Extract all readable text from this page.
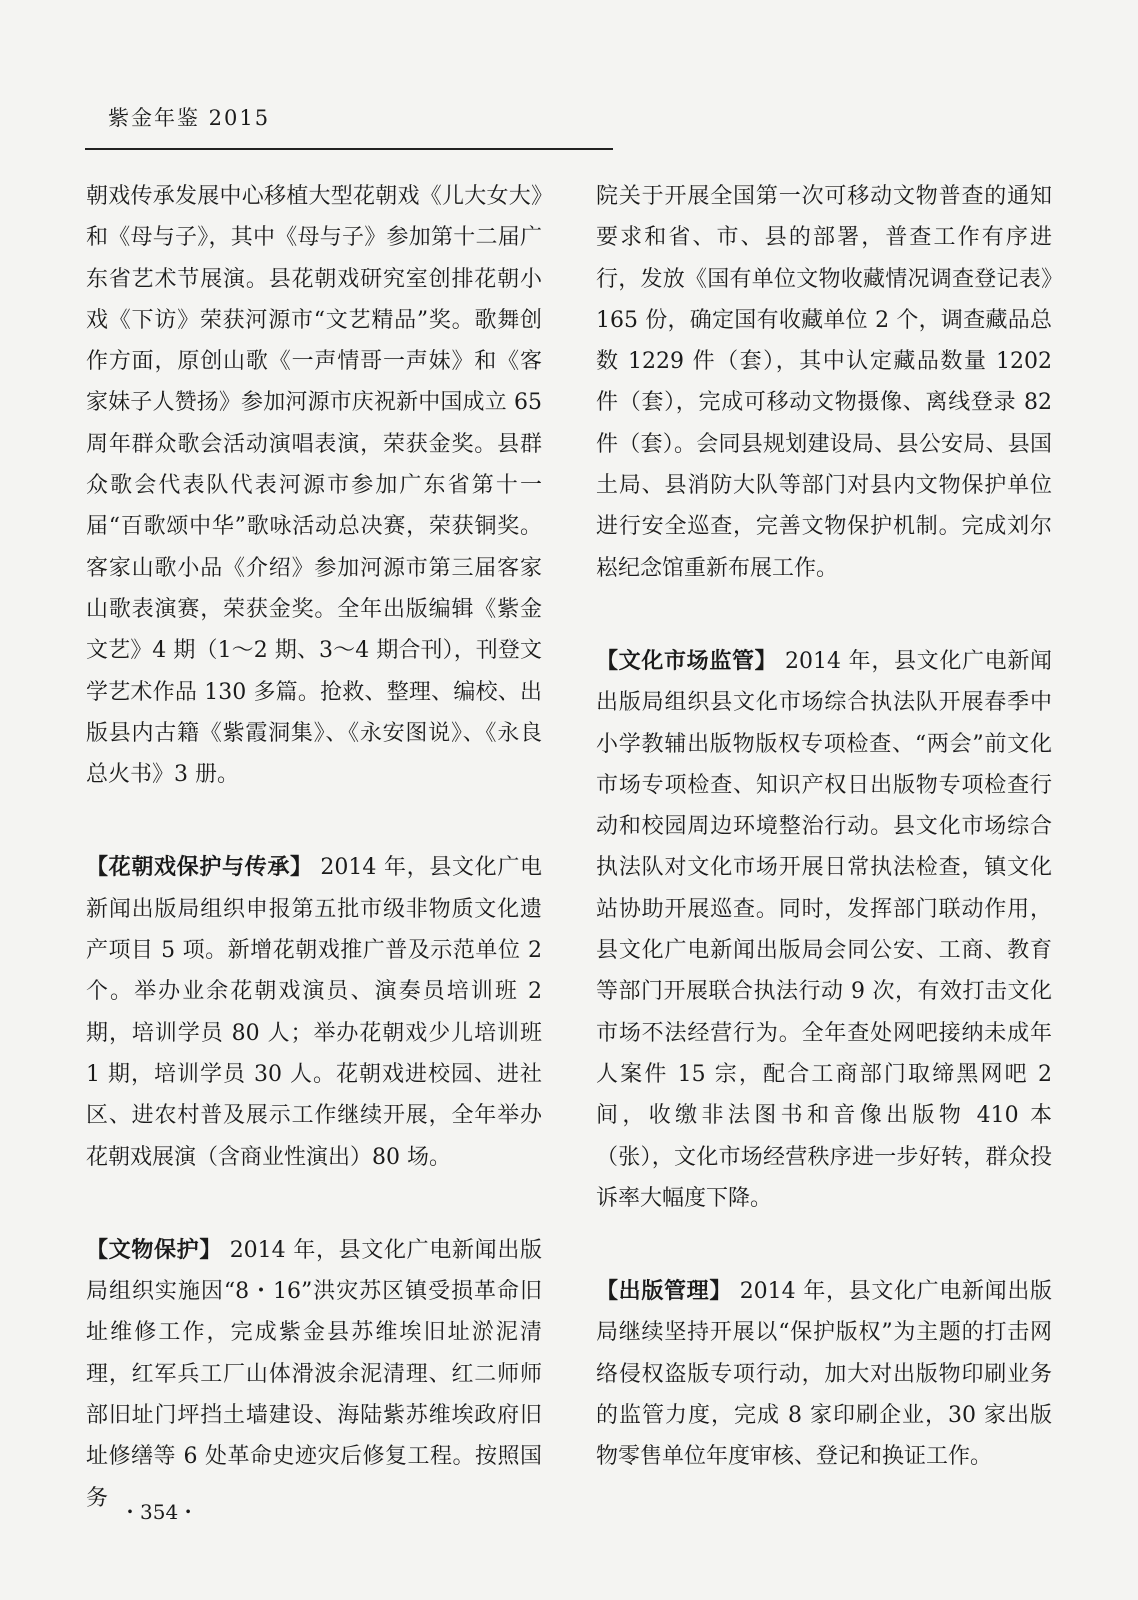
紫金年鉴 2015

朝戏传承发展中心移植大型花朝戏《儿大女大》和《母与子》，其中《母与子》参加第十二届广东省艺术节展演。县花朝戏研究室创排花朝小戏《下访》荣获河源市“文艺精品”奖。歌舞创作方面，原创山歌《一声情哥一声妹》和《客家妹子人赞扬》参加河源市庆祝新中国成立 65 周年群众歌会活动演唱表演，荣获金奖。县群众歌会代表队代表河源市参加广东省第十一届“百歌颂中华”歌咏活动总决赛，荣获铜奖。客家山歌小品《介绍》参加河源市第三届客家山歌表演赛，荣获金奖。全年出版编辑《紫金文艺》4 期（1～2 期、3～4 期合刊），刊登文学艺术作品 130 多篇。抢救、整理、编校、出版县内古籍《紫霞洞集》、《永安图说》、《永良总火书》3 册。

【花朝戏保护与传承】 2014 年，县文化广电新闻出版局组织申报第五批市级非物质文化遗产项目 5 项。新增花朝戏推广普及示范单位 2 个。举办业余花朝戏演员、演奏员培训班 2 期，培训学员 80 人；举办花朝戏少儿培训班 1 期，培训学员 30 人。花朝戏进校园、进社区、进农村普及展示工作继续开展，全年举办花朝戏展演（含商业性演出）80 场。

【文物保护】 2014 年，县文化广电新闻出版局组织实施因“8・16”洪灾苏区镇受损革命旧址维修工作，完成紫金县苏维埃旧址淤泥清理，红军兵工厂山体滑波余泥清理、红二师师部旧址门坪挡土墙建设、海陆紫苏维埃政府旧址修缮等 6 处革命史迹灾后修复工程。按照国务

院关于开展全国第一次可移动文物普查的通知要求和省、市、县的部署，普查工作有序进行，发放《国有单位文物收藏情况调查登记表》165 份，确定国有收藏单位 2 个，调查藏品总数 1229 件（套），其中认定藏品数量 1202 件（套），完成可移动文物摄像、离线登录 82 件（套）。会同县规划建设局、县公安局、县国土局、县消防大队等部门对县内文物保护单位进行安全巡查，完善文物保护机制。完成刘尔崧纪念馆重新布展工作。

【文化市场监管】 2014 年，县文化广电新闻出版局组织县文化市场综合执法队开展春季中小学教辅出版物版权专项检查、“两会”前文化市场专项检查、知识产权日出版物专项检查行动和校园周边环境整治行动。县文化市场综合执法队对文化市场开展日常执法检查，镇文化站协助开展巡查。同时，发挥部门联动作用，县文化广电新闻出版局会同公安、工商、教育等部门开展联合执法行动 9 次，有效打击文化市场不法经营行为。全年查处网吧接纳未成年人案件 15 宗，配合工商部门取缔黑网吧 2 间，收缴非法图书和音像出版物 410 本（张），文化市场经营秩序进一步好转，群众投诉率大幅度下降。

【出版管理】 2014 年，县文化广电新闻出版局继续坚持开展以“保护版权”为主题的打击网络侵权盗版专项行动，加大对出版物印刷业务的监管力度，完成 8 家印刷企业，30 家出版物零售单位年度审核、登记和换证工作。

・354・
